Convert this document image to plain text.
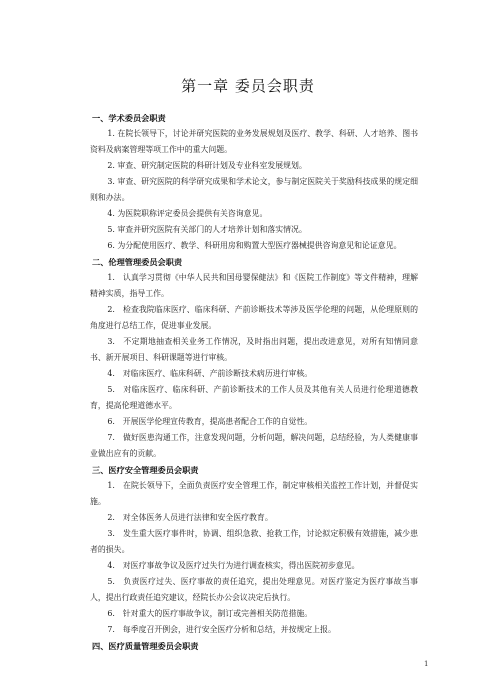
第一章 委员会职责
一、学术委员会职责
1. 在院长领导下，讨论并研究医院的业务发展规划及医疗、教学、科研、人才培养、图书资料及病案管理等项工作中的重大问题。
2. 审查、研究制定医院的科研计划及专业科室发展规划。
3. 审查、研究医院的科学研究成果和学术论文，参与制定医院关于奖励科技成果的规定细则和办法。
4. 为医院职称评定委员会提供有关咨询意见。
5. 审查并研究医院有关部门的人才培养计划和落实情况。
6. 为分配使用医疗、教学、科研用房和购置大型医疗器械提供咨询意见和论证意见。
二、伦理管理委员会职责
1.　认真学习贯彻《中华人民共和国母婴保健法》和《医院工作制度》等文件精神，理解精神实质，指导工作。
2.　检查我院临床医疗、临床科研、产前诊断技术等涉及医学伦理的问题，从伦理原则的角度进行总结工作，促进事业发展。
3.　不定期地抽查相关业务工作情况，及时指出问题，提出改进意见，对所有知情同意书、新开展项目、科研课题等进行审核。
4.　对临床医疗、临床科研、产前诊断技术病历进行审核。
5.　对临床医疗、临床科研、产前诊断技术的工作人员及其他有关人员进行伦理道德教育，提高伦理道德水平。
6.　开展医学伦理宣传教育，提高患者配合工作的自觉性。
7.　做好医患沟通工作，注意发现问题，分析问题，解决问题，总结经验，为人类健康事业做出应有的贡献。
三、医疗安全管理委员会职责
1.　在院长领导下，全面负责医疗安全管理工作，制定审核相关监控工作计划，并督促实施。
2.　对全体医务人员进行法律和安全医疗教育。
3.　发生重大医疗事件时，协调、组织急救、抢救工作，讨论拟定积极有效措施，减少患者的损失。
4.　对医疗事故争议及医疗过失行为进行调查核实，得出医院初步意见。
5.　负责医疗过失、医疗事故的责任追究，提出处理意见。对医疗鉴定为医疗事故当事人，提出行政责任追究建议，经院长办公会议决定后执行。
6.　针对重大的医疗事故争议，制订或完善相关防范措施。
7.　每季度召开例会，进行安全医疗分析和总结，并按规定上报。
四、医疗质量管理委员会职责
1
